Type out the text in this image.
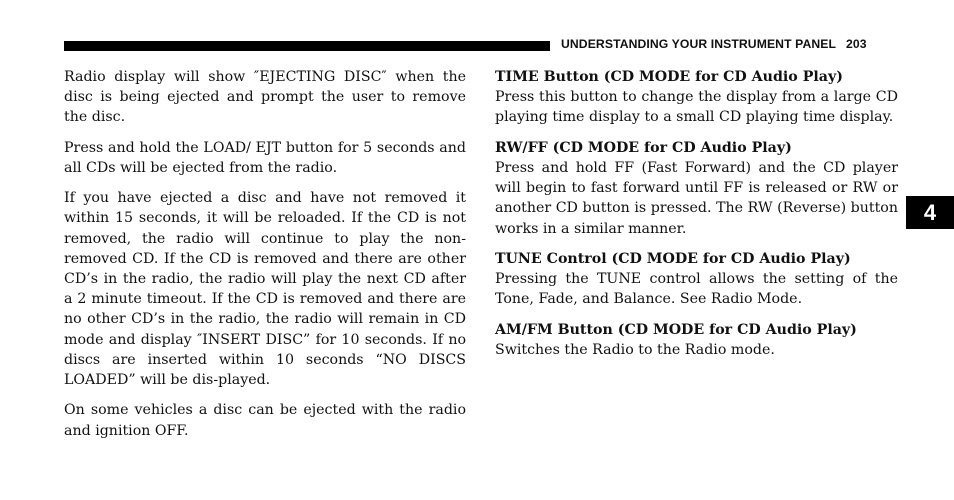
UNDERSTANDING YOUR INSTRUMENT PANEL 203

Radio display will show ″EJECTING DISC″ when the disc is being ejected and prompt the user to remove the disc.

Press and hold the LOAD/ EJT button for 5 seconds and all CDs will be ejected from the radio.

If you have ejected a disc and have not removed it within 15 seconds, it will be reloaded. If the CD is not removed, the radio will continue to play the non-removed CD. If the CD is removed and there are other CD’s in the radio, the radio will play the next CD after a 2 minute timeout. If the CD is removed and there are no other CD’s in the radio, the radio will remain in CD mode and display ″INSERT DISC” for 10 seconds. If no discs are inserted within 10 seconds “NO DISCS LOADED” will be dis-played.

On some vehicles a disc can be ejected with the radio and ignition OFF.

TIME Button (CD MODE for CD Audio Play)
Press this button to change the display from a large CD playing time display to a small CD playing time display.

RW/FF (CD MODE for CD Audio Play)
Press and hold FF (Fast Forward) and the CD player will begin to fast forward until FF is released or RW or another CD button is pressed. The RW (Reverse) button works in a similar manner.

TUNE Control (CD MODE for CD Audio Play)
Pressing the TUNE control allows the setting of the Tone, Fade, and Balance. See Radio Mode.

AM/FM Button (CD MODE for CD Audio Play)
Switches the Radio to the Radio mode.

4
